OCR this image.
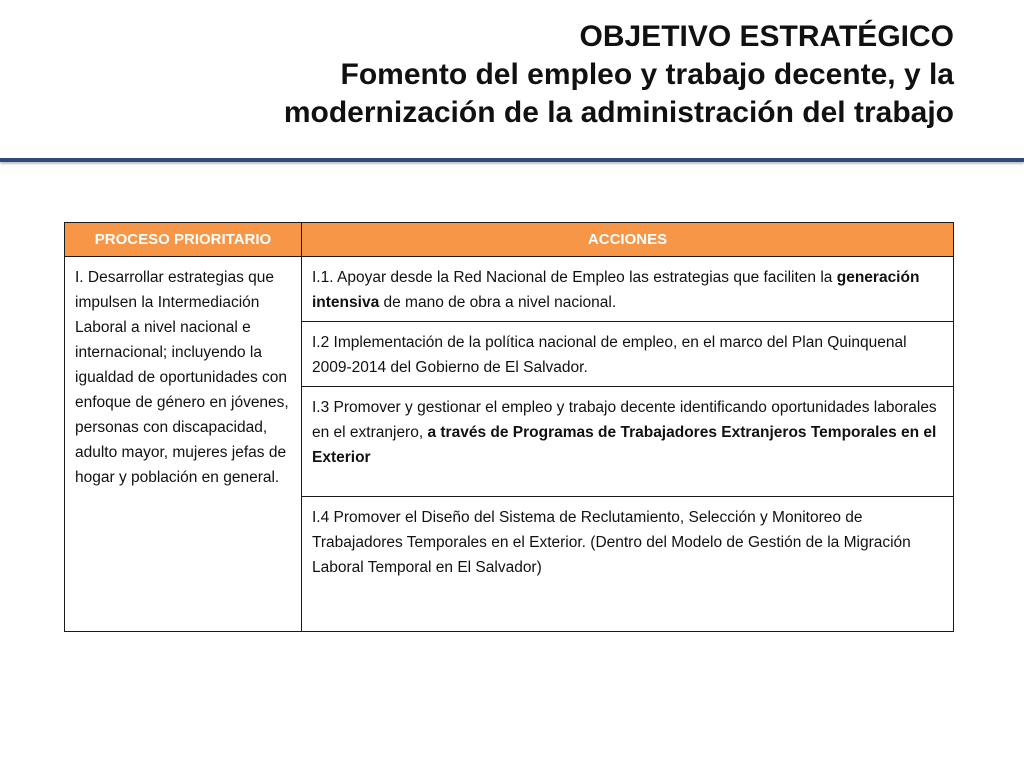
OBJETIVO ESTRATÉGICO
Fomento del empleo y trabajo decente, y la
modernización de la administración del trabajo
PROCESO PRIORITARIO	ACCIONES
I. Desarrollar estrategias que impulsen la Intermediación Laboral a nivel nacional e internacional; incluyendo la igualdad de oportunidades con enfoque de género en jóvenes, personas con discapacidad, adulto mayor, mujeres jefas de hogar y población en general.	I.1. Apoyar desde la Red Nacional de Empleo las estrategias que faciliten la generación intensiva de mano de obra a nivel nacional.
	I.2 Implementación de la política nacional de empleo, en el marco del Plan Quinquenal 2009-2014 del Gobierno de El Salvador.
	I.3 Promover y gestionar el empleo y trabajo decente identificando oportunidades laborales en el extranjero, a través de Programas de Trabajadores Extranjeros Temporales en el Exterior
	I.4 Promover el Diseño del Sistema de Reclutamiento, Selección y Monitoreo de Trabajadores Temporales en el Exterior. (Dentro del Modelo de Gestión de la Migración Laboral Temporal en El Salvador)
